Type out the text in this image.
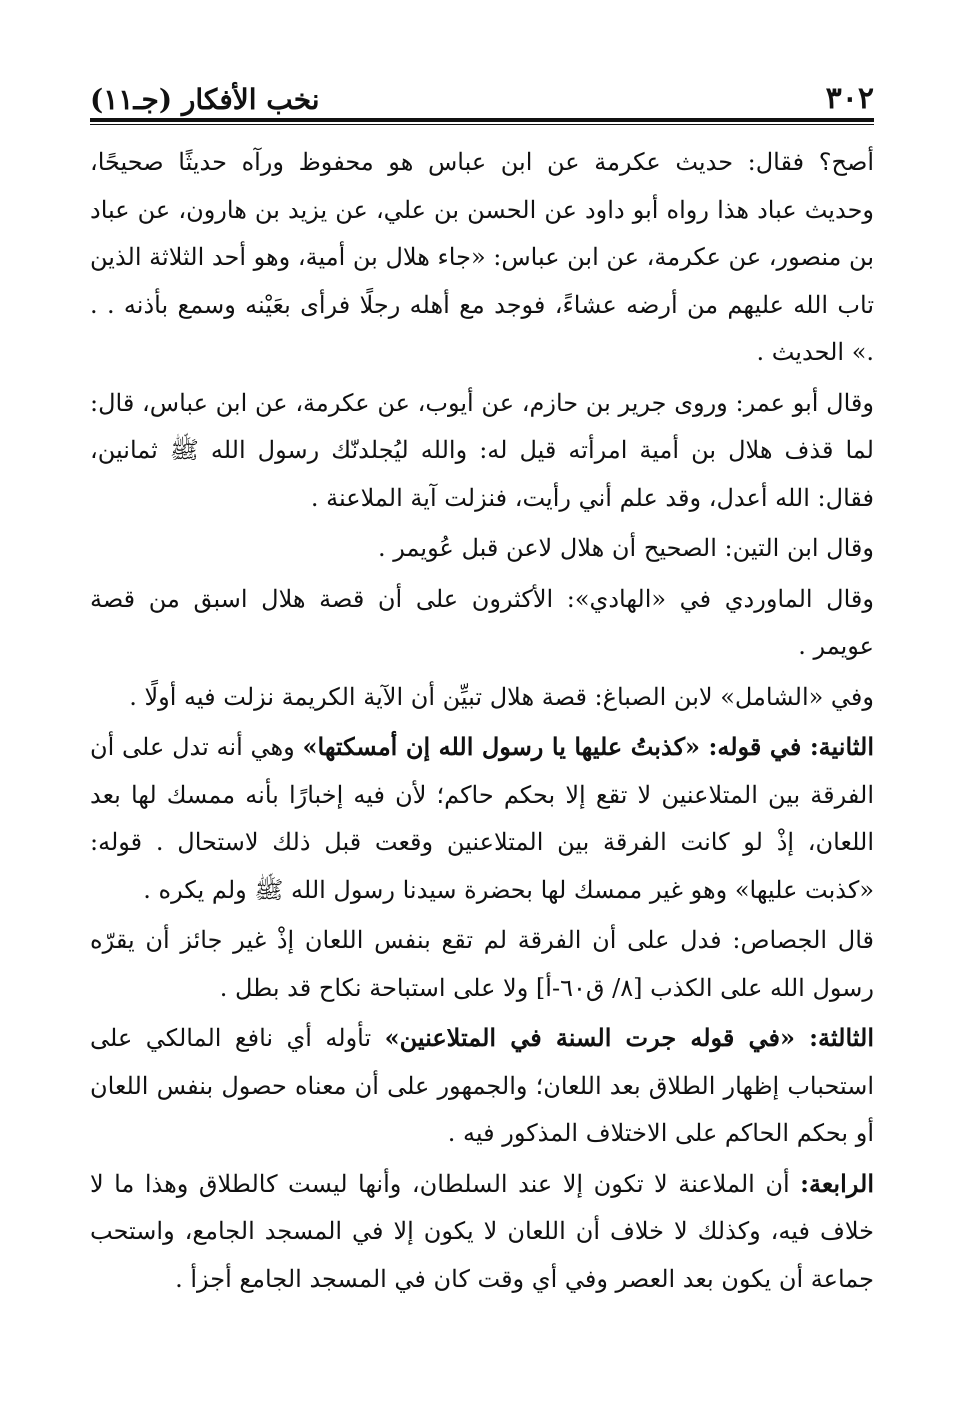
٣٠٢
نخب الأفكار (جـ١١)

أصح؟ فقال: حديث عكرمة عن ابن عباس هو محفوظ ورآه حديثًا صحيحًا، وحديث عباد هذا رواه أبو داود عن الحسن بن علي، عن يزيد بن هارون، عن عباد بن منصور، عن عكرمة، عن ابن عباس: «جاء هلال بن أمية، وهو أحد الثلاثة الذين تاب الله عليهم من أرضه عشاءً، فوجد مع أهله رجلًا فرأى بعَيْنه وسمع بأذنه . . .» الحديث .

وقال أبو عمر: وروى جرير بن حازم، عن أيوب، عن عكرمة، عن ابن عباس، قال: لما قذف هلال بن أمية امرأته قيل له: والله ليُجلدنّك رسول الله ﷺ ثمانين، فقال: الله أعدل، وقد علم أني رأيت، فنزلت آية الملاعنة .

وقال ابن التين: الصحيح أن هلال لاعن قبل عُويمر .

وقال الماوردي في «الهادي»: الأكثرون على أن قصة هلال اسبق من قصة عويمر .

وفي «الشامل» لابن الصباغ: قصة هلال تبيِّن أن الآية الكريمة نزلت فيه أولًا .

الثانية: في قوله: «كذبتُ عليها يا رسول الله إن أمسكتها» وهي أنه تدل على أن الفرقة بين المتلاعنين لا تقع إلا بحكم حاكم؛ لأن فيه إخبارًا بأنه ممسك لها بعد اللعان، إذْ لو كانت الفرقة بين المتلاعنين وقعت قبل ذلك لاستحال . قوله: «كذبت عليها» وهو غير ممسك لها بحضرة سيدنا رسول الله ﷺ ولم يكره .

قال الجصاص: فدل على أن الفرقة لم تقع بنفس اللعان إذْ غير جائز أن يقرّه رسول الله على الكذب [٨/ ق٦٠-أ] ولا على استباحة نكاح قد بطل .

الثالثة: «في قوله جرت السنة في المتلاعنين» تأوله أي نافع المالكي على استحباب إظهار الطلاق بعد اللعان؛ والجمهور على أن معناه حصول بنفس اللعان أو بحكم الحاكم على الاختلاف المذكور فيه .

الرابعة: أن الملاعنة لا تكون إلا عند السلطان، وأنها ليست كالطلاق وهذا ما لا خلاف فيه، وكذلك لا خلاف أن اللعان لا يكون إلا في المسجد الجامع، واستحب جماعة أن يكون بعد العصر وفي أي وقت كان في المسجد الجامع أجزأ .
